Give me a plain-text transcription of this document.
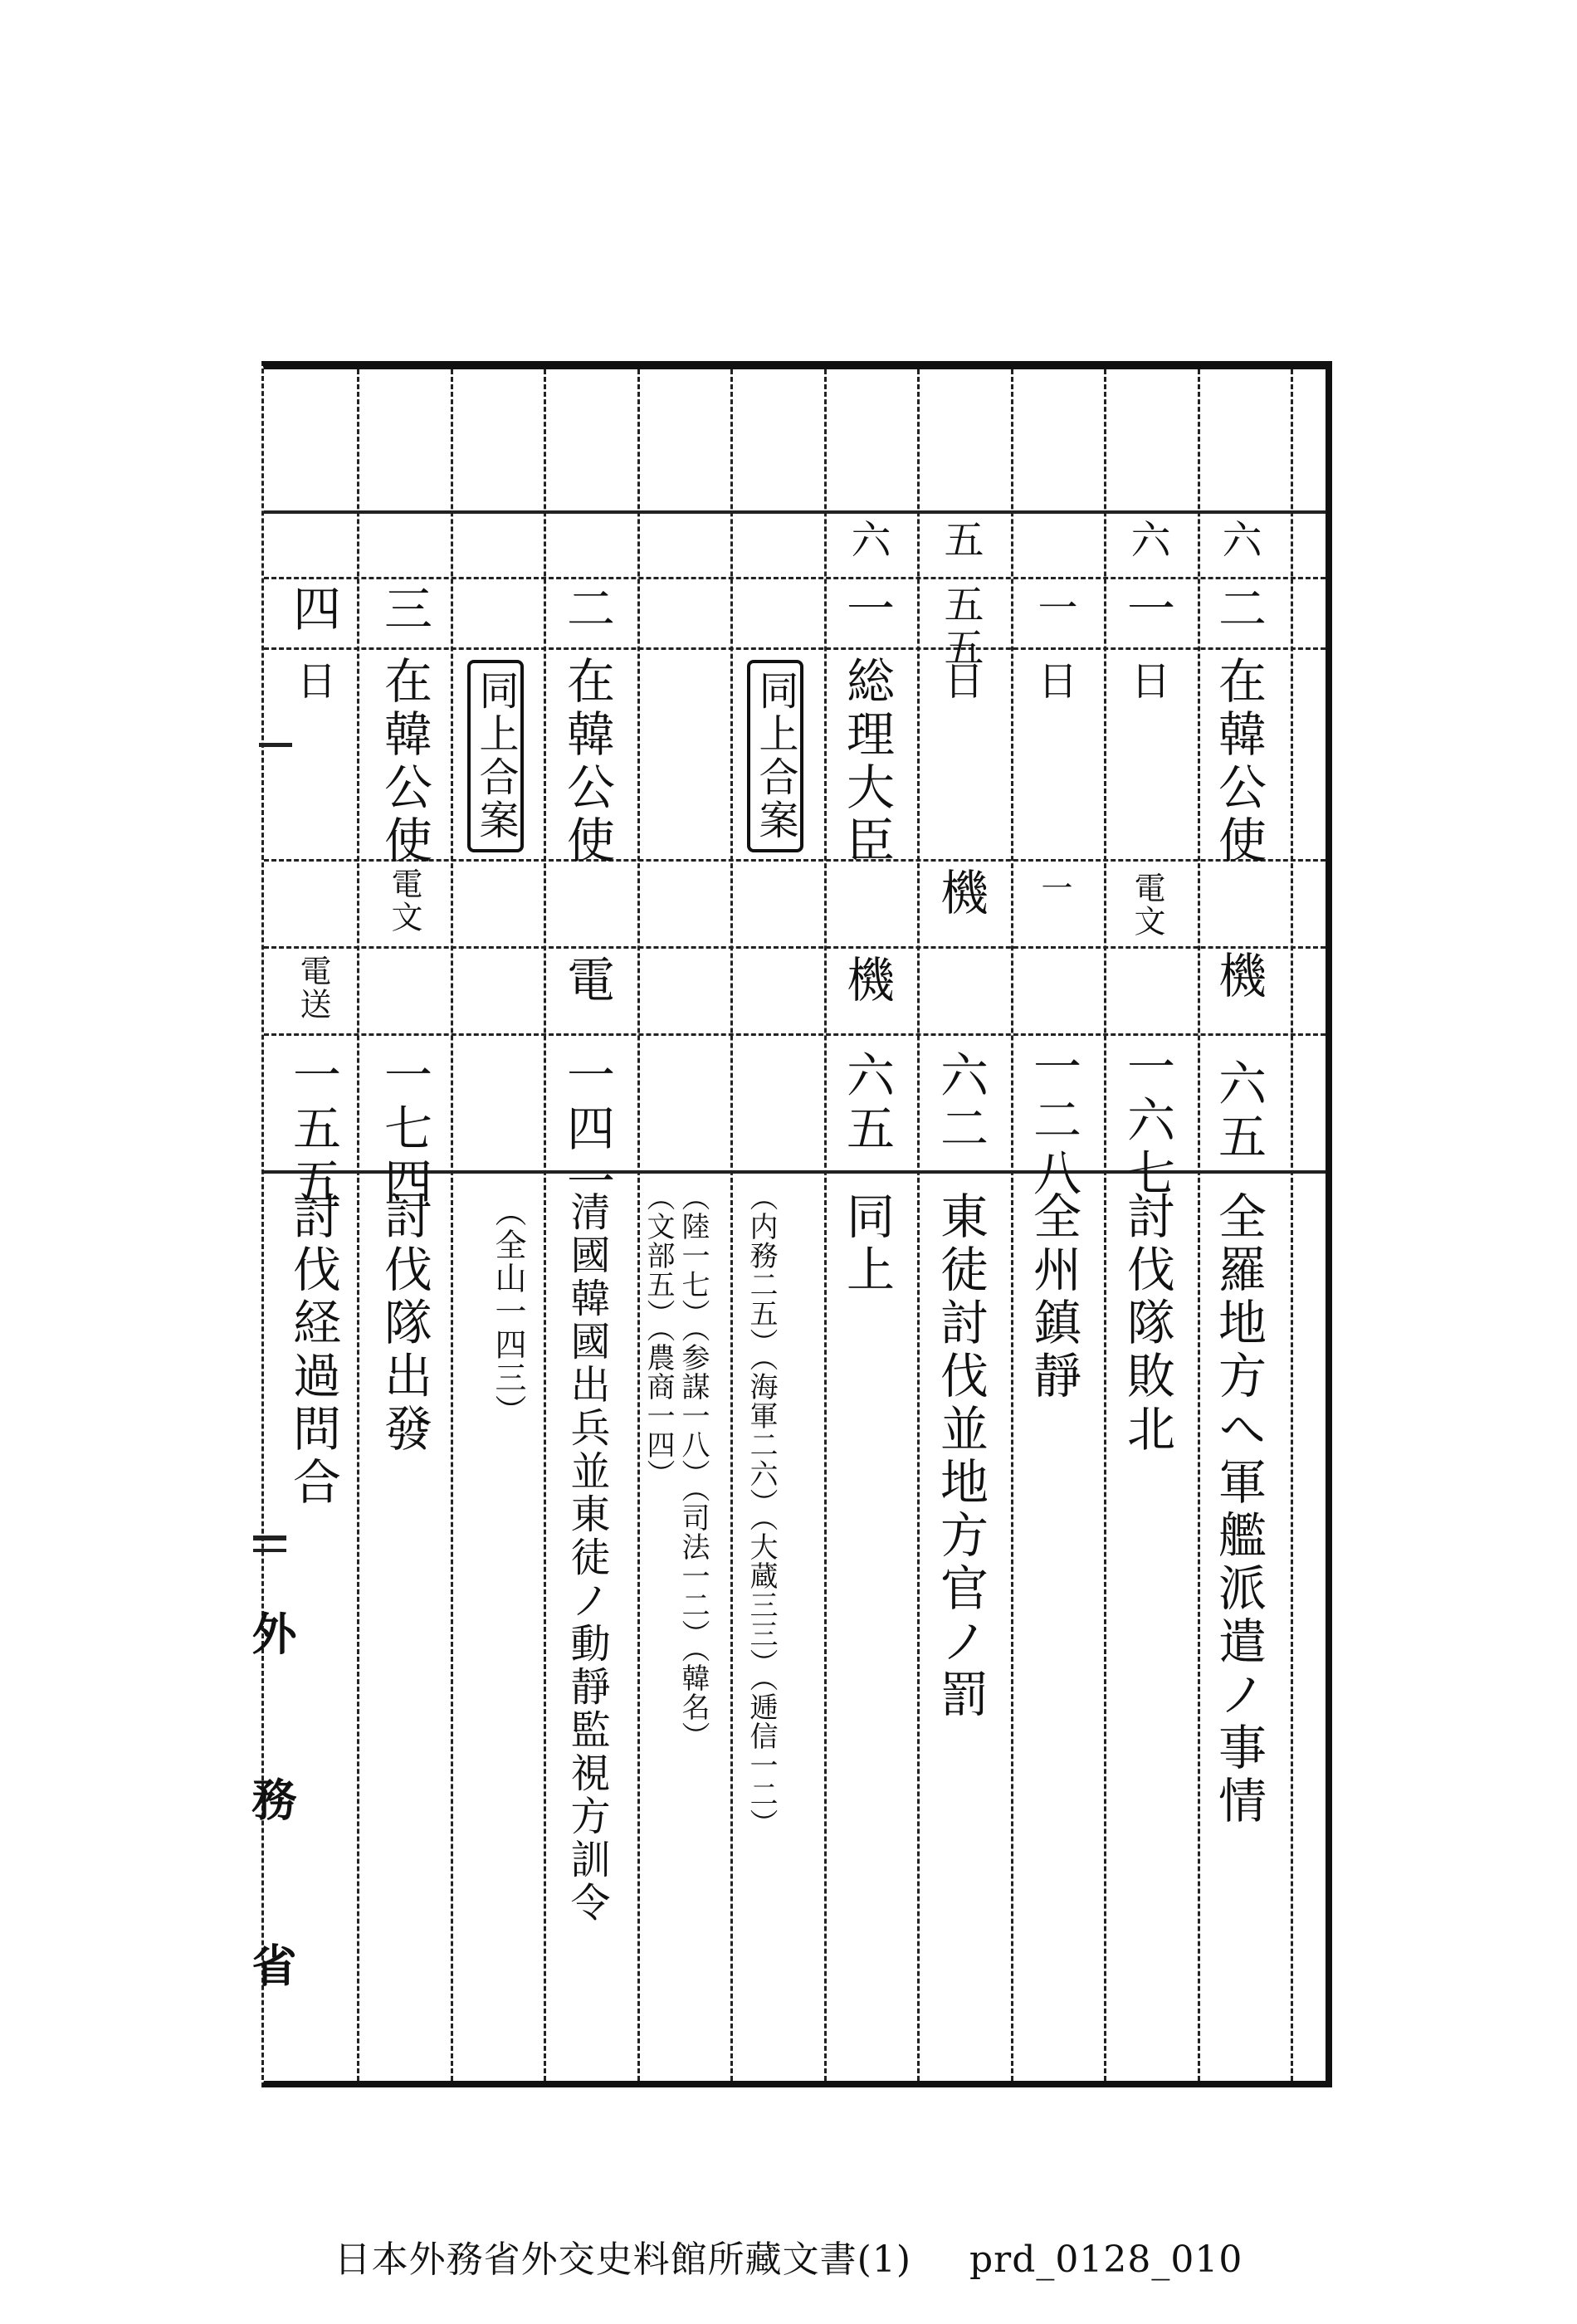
六
在韓公使
二
機
六五
全羅地方へ軍艦派遣ノ事情
六
一
日
電文
一六七
討伐隊敗北
一
日
一
一二八
全州鎮靜
五
五五
日
機
六二
東徒討伐並地方官ノ罰
六
一
総理大臣
機
六五
同上
同上合案
（内務二五）（海軍二六）（大蔵三三）（逓信一二）
（陸一七）（参謀一八）（司法一二）（韓名）
（文部五）（農商一四）
二
在韓公使
電
一四一
清國韓國出兵並東徒ノ動靜監視方訓令
（全山一四三）
同上合案
三
在韓公使
電文
一七四
討伐隊出發
四
日
電送
一五五
討伐経過問合
外
務
省
日本外務省外交史料館所藏文書(1) prd_0128_010
